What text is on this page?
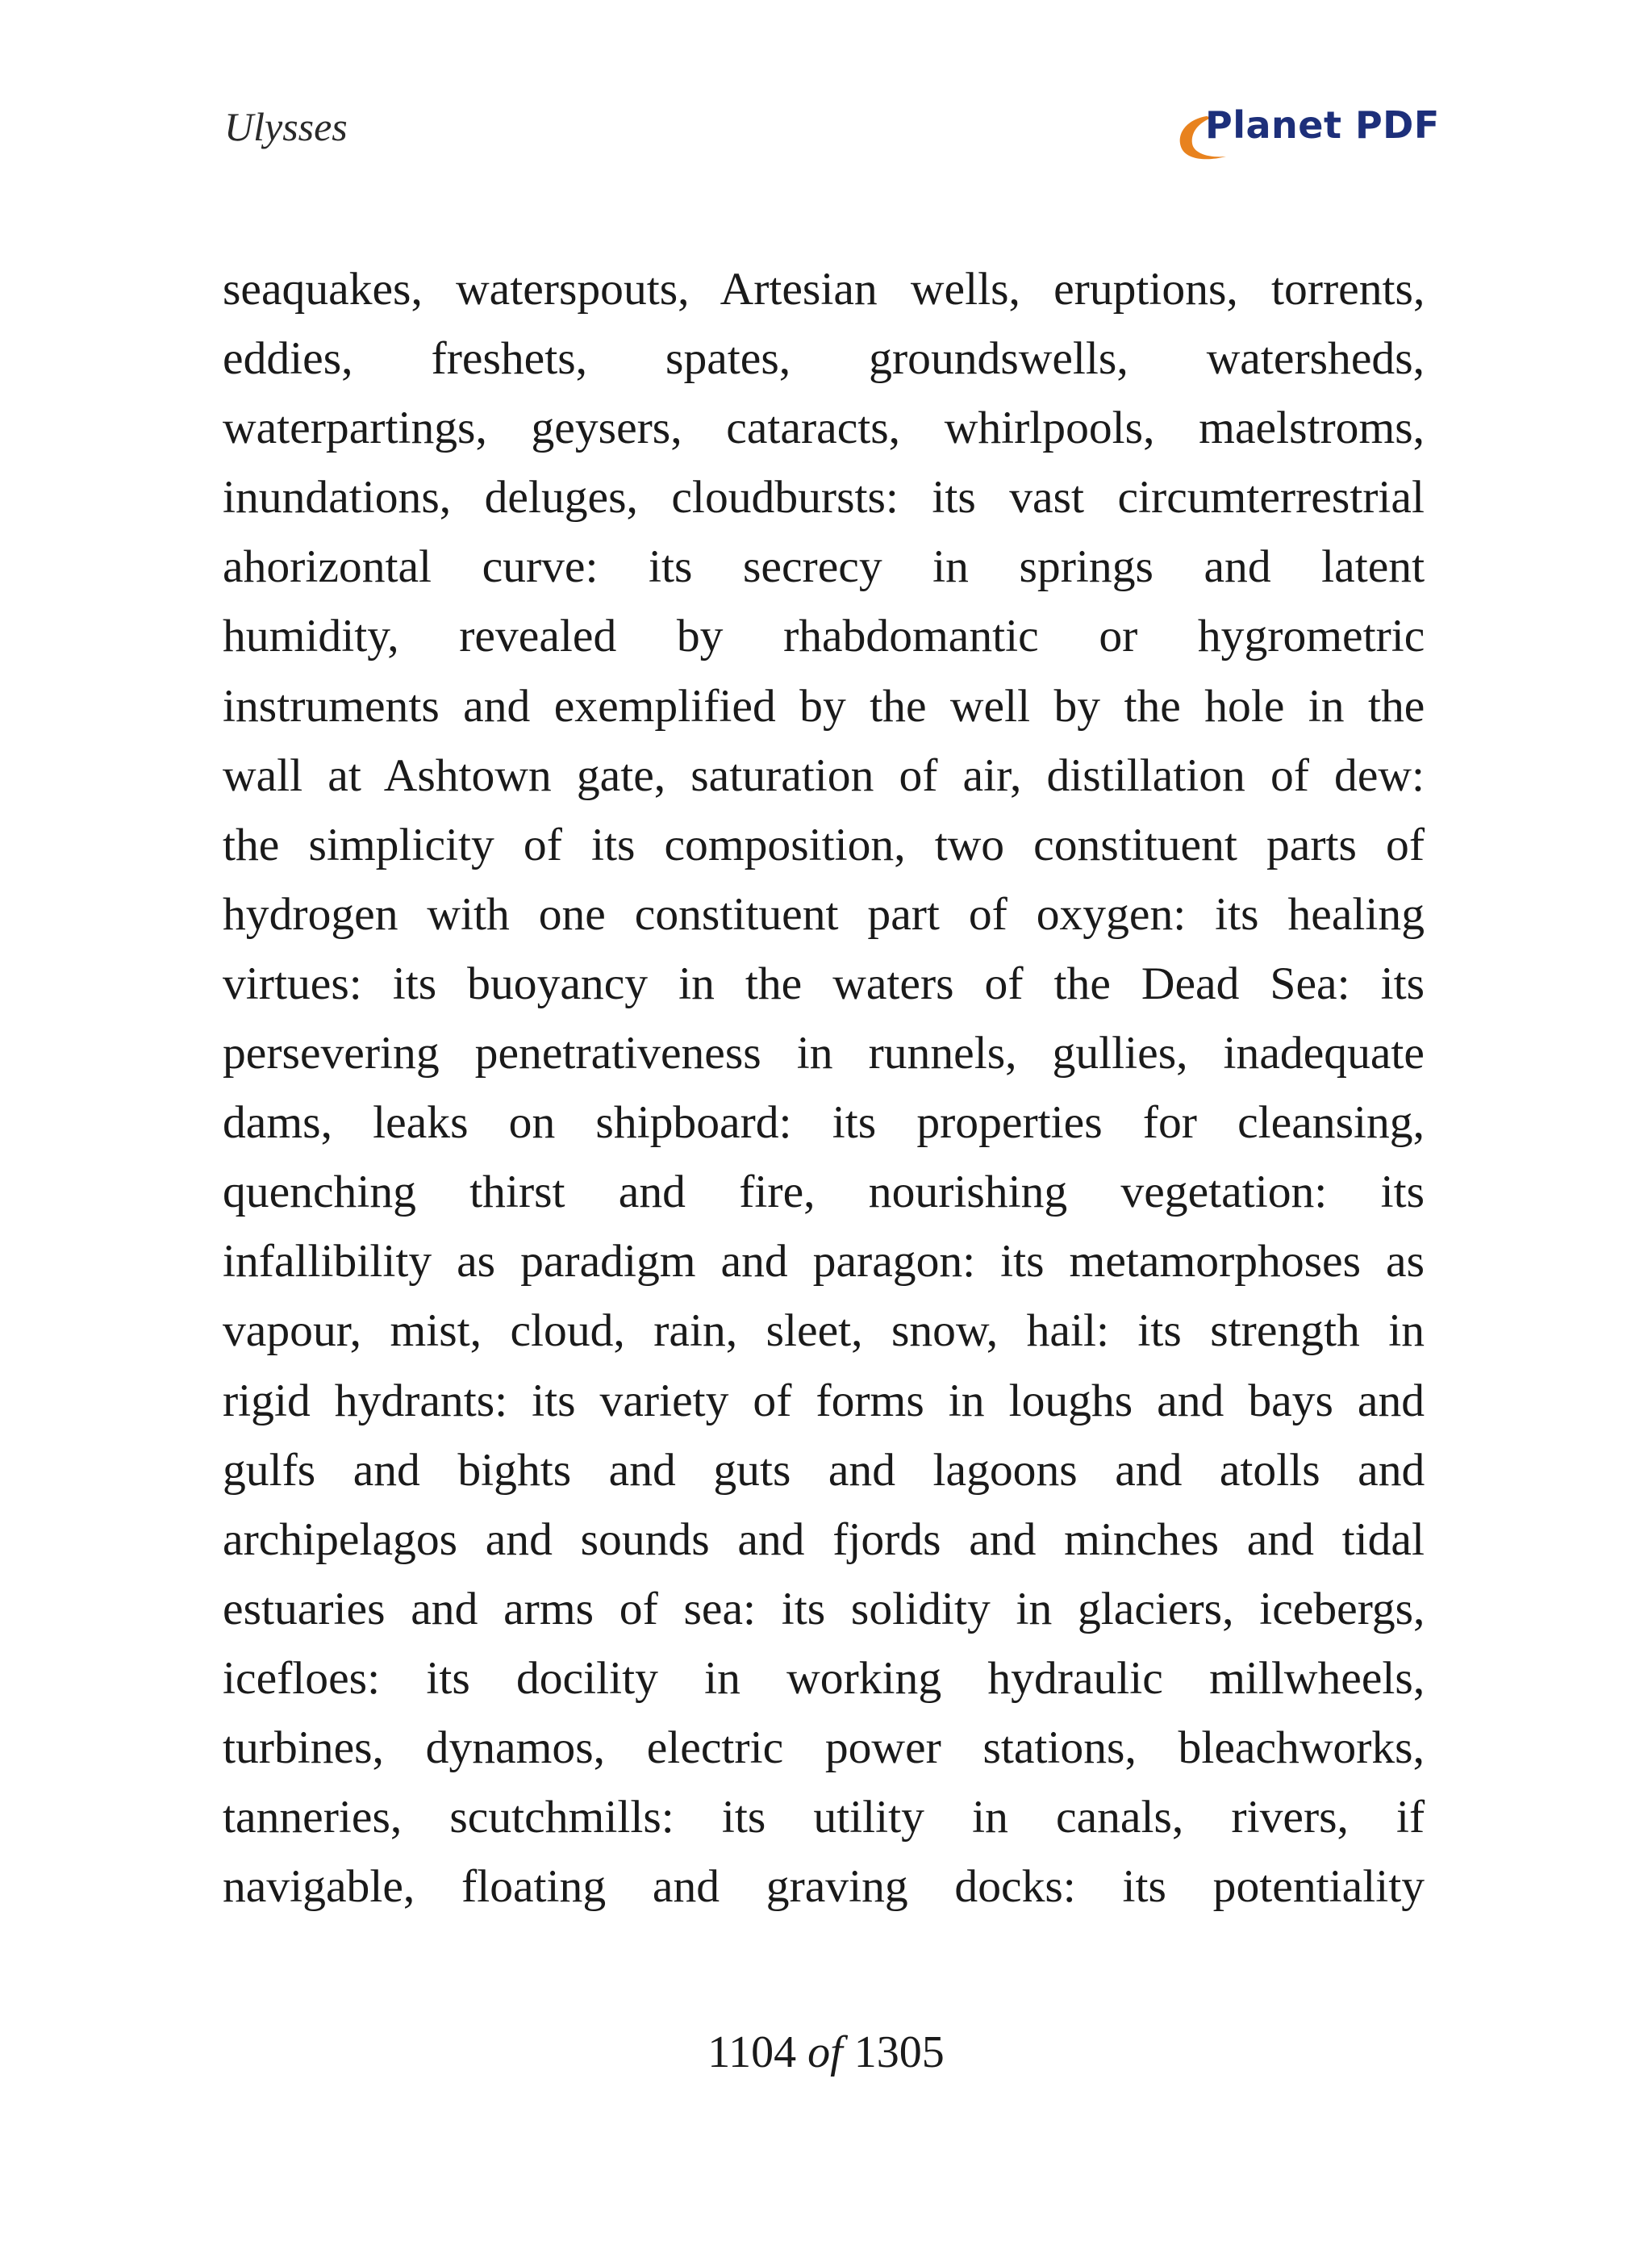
Ulysses	Planet PDF
seaquakes, waterspouts, Artesian wells, eruptions, torrents,
eddies, freshets, spates, groundswells, watersheds,
waterpartings, geysers, cataracts, whirlpools, maelstroms,
inundations, deluges, cloudbursts: its vast circumterrestrial
ahorizontal curve: its secrecy in springs and latent
humidity, revealed by rhabdomantic or hygrometric
instruments and exemplified by the well by the hole in the
wall at Ashtown gate, saturation of air, distillation of dew:
the simplicity of its composition, two constituent parts of
hydrogen with one constituent part of oxygen: its healing
virtues: its buoyancy in the waters of the Dead Sea: its
persevering penetrativeness in runnels, gullies, inadequate
dams, leaks on shipboard: its properties for cleansing,
quenching thirst and fire, nourishing vegetation: its
infallibility as paradigm and paragon: its metamorphoses as
vapour, mist, cloud, rain, sleet, snow, hail: its strength in
rigid hydrants: its variety of forms in loughs and bays and
gulfs and bights and guts and lagoons and atolls and
archipelagos and sounds and fjords and minches and tidal
estuaries and arms of sea: its solidity in glaciers, icebergs,
icefloes: its docility in working hydraulic millwheels,
turbines, dynamos, electric power stations, bleachworks,
tanneries, scutchmills: its utility in canals, rivers, if
navigable, floating and graving docks: its potentiality
1104 of 1305
